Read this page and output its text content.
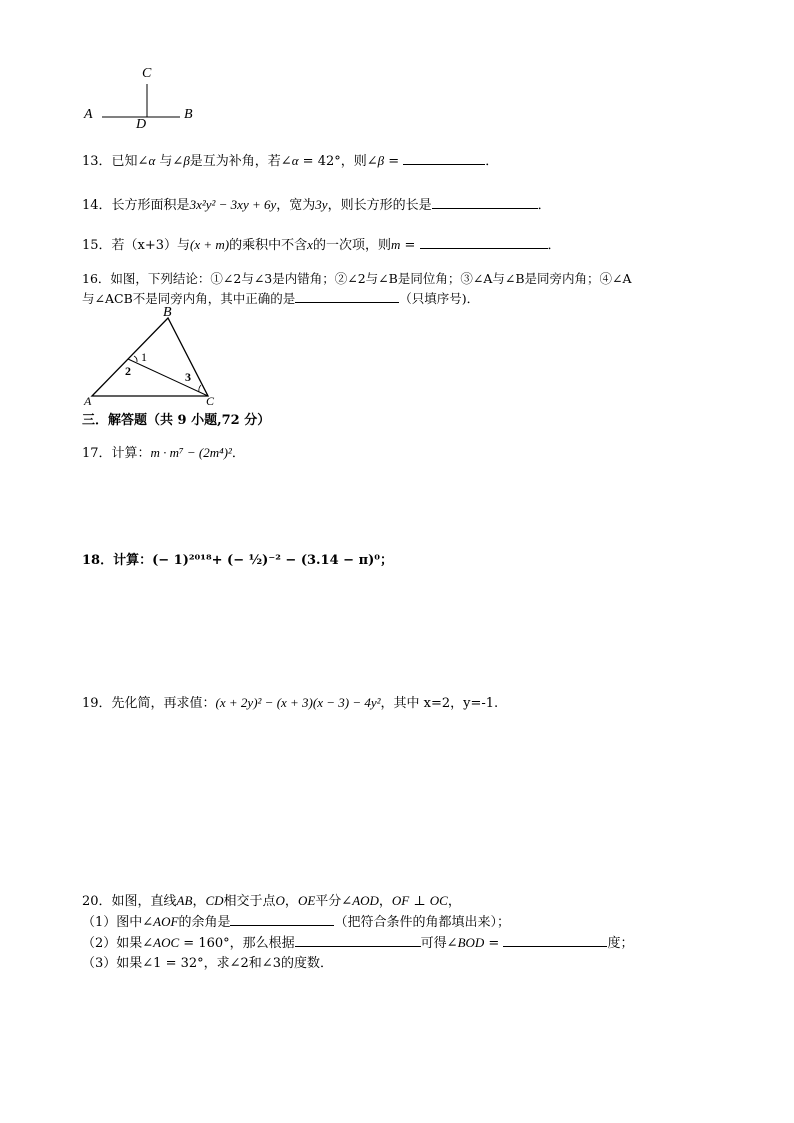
C
A	B
D
13．已知∠α 与∠β是互为补角，若∠α = 42°，则∠β =	．
14．长方形面积是3x²y² − 3xy + 6y，宽为3y，则长方形的长是	．
15．若（x+3）与(x + m)的乘积中不含x的一次项，则m =	．
16．如图，下列结论：①∠2与∠3是内错角；②∠2与∠B是同位角；③∠A与∠B是同旁内角；④∠A
与∠ACB不是同旁内角，其中正确的是	（只填序号)．
B
1
2	3
A	C
三．解答题（共 9 小题,72 分）
17．计算：m · m⁷ − (2m⁴)²．
18．计算：(− 1)²⁰¹⁸+ (− ½)⁻² − (3.14 − π)⁰；
19．先化简，再求值：(x + 2y)² − (x + 3)(x − 3) − 4y²，其中 x=2，y=-1.
20．如图，直线AB，CD相交于点O，OE平分∠AOD，OF ⊥ OC，
（1）图中∠AOF的余角是	（把符合条件的角都填出来）；
（2）如果∠AOC = 160°，那么根据	可得∠BOD =	度；
（3）如果∠1 = 32°，求∠2和∠3的度数．
